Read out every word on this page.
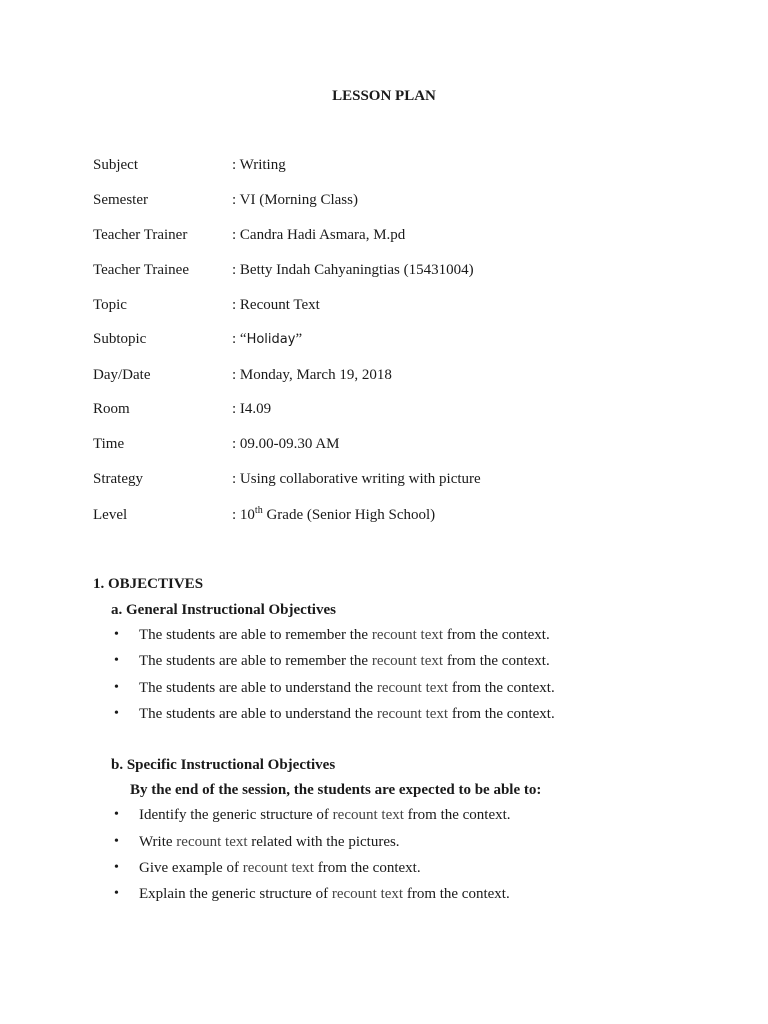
LESSON PLAN
Subject	: Writing
Semester	: VI (Morning Class)
Teacher Trainer	: Candra Hadi Asmara, M.pd
Teacher Trainee	: Betty Indah Cahyaningtias (15431004)
Topic	: Recount Text
Subtopic	: “Holiday”
Day/Date	: Monday, March 19, 2018
Room	: I4.09
Time	: 09.00-09.30 AM
Strategy	: Using collaborative writing with picture
Level	: 10th Grade (Senior High School)
1. OBJECTIVES
a. General Instructional Objectives
• The students are able to remember the recount text from the context.
• The students are able to remember the recount text from the context.
• The students are able to understand the recount text from the context.
• The students are able to understand the recount text from the context.
b. Specific Instructional Objectives
By the end of the session, the students are expected to be able to:
• Identify the generic structure of recount text from the context.
• Write recount text related with the pictures.
• Give example of recount text from the context.
• Explain the generic structure of recount text from the context.
